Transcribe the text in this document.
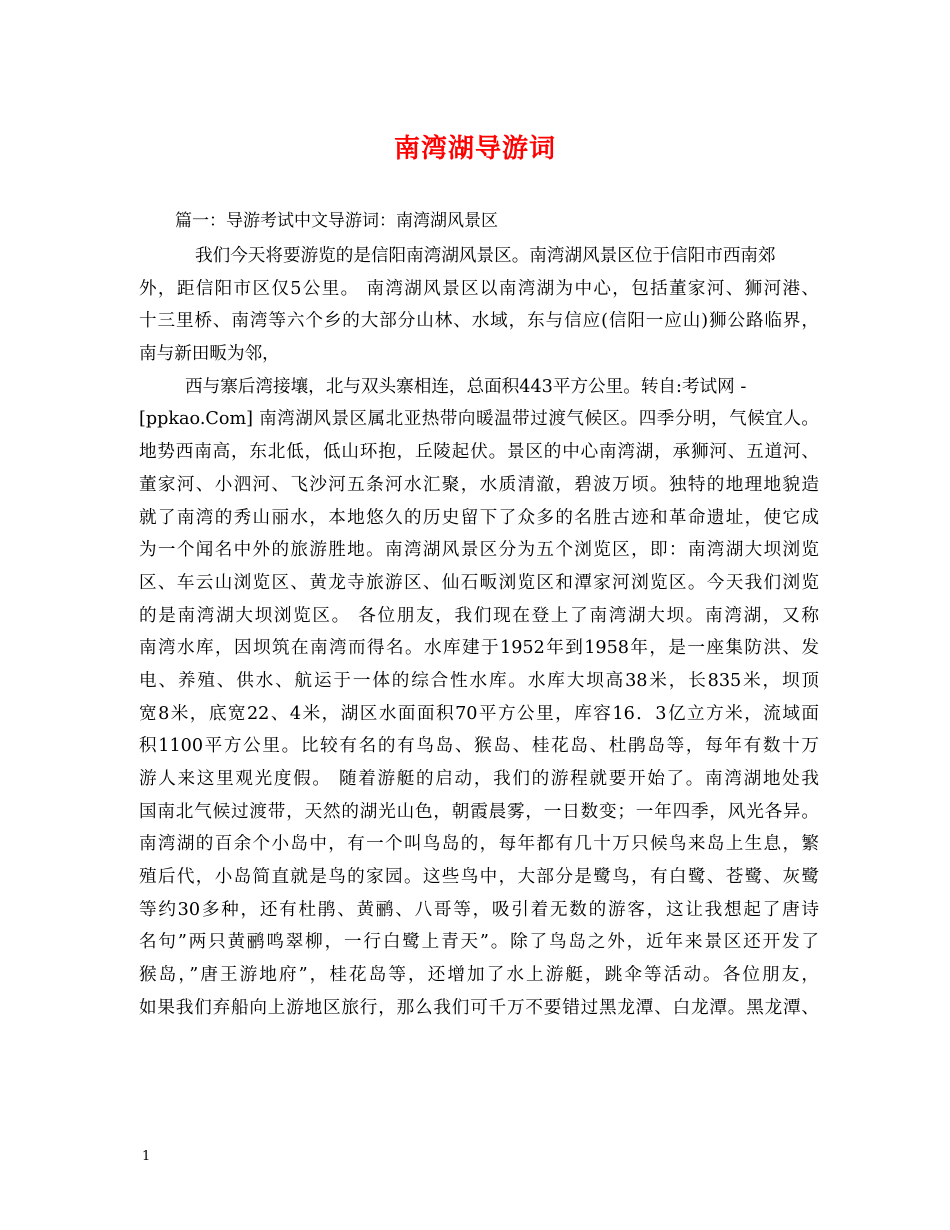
南湾湖导游词
篇一：导游考试中文导游词：南湾湖风景区
我们今天将要游览的是信阳南湾湖风景区。南湾湖风景区位于信阳市西南郊
外，距信阳市区仅5公里。 南湾湖风景区以南湾湖为中心，包括董家河、狮河港、
十三里桥、南湾等六个乡的大部分山林、水域，东与信应(信阳一应山)狮公路临界，
南与新田畈为邻，
西与寨后湾接壤，北与双头寨相连，总面积443平方公里。转自:考试网 -
[ppkao.Com] 南湾湖风景区属北亚热带向暖温带过渡气候区。四季分明，气候宜人。
地势西南高，东北低，低山环抱，丘陵起伏。景区的中心南湾湖，承狮河、五道河、
董家河、小泗河、飞沙河五条河水汇聚，水质清澈，碧波万顷。独特的地理地貌造
就了南湾的秀山丽水，本地悠久的历史留下了众多的名胜古迹和革命遗址，使它成
为一个闻名中外的旅游胜地。南湾湖风景区分为五个浏览区，即：南湾湖大坝浏览
区、车云山浏览区、黄龙寺旅游区、仙石畈浏览区和潭家河浏览区。今天我们浏览
的是南湾湖大坝浏览区。 各位朋友，我们现在登上了南湾湖大坝。南湾湖，又称
南湾水库，因坝筑在南湾而得名。水库建于1952年到1958年，是一座集防洪、发
电、养殖、供水、航运于一体的综合性水库。水库大坝高38米，长835米，坝顶
宽8米，底宽22、4米，湖区水面面积70平方公里，库容16．3亿立方米，流域面
积1100平方公里。比较有名的有鸟岛、猴岛、桂花岛、杜鹃岛等，每年有数十万
游人来这里观光度假。 随着游艇的启动，我们的游程就要开始了。南湾湖地处我
国南北气候过渡带，天然的湖光山色，朝霞晨雾，一日数变；一年四季，风光各异。
南湾湖的百余个小岛中，有一个叫鸟岛的，每年都有几十万只候鸟来岛上生息，繁
殖后代，小岛简直就是鸟的家园。这些鸟中，大部分是鹭鸟，有白鹭、苍鹭、灰鹭
等约30多种，还有杜鹃、黄鹂、八哥等，吸引着无数的游客，这让我想起了唐诗
名句”两只黄鹂鸣翠柳，一行白鹭上青天”。除了鸟岛之外，近年来景区还开发了
猴岛，”唐王游地府”，桂花岛等，还增加了水上游艇，跳伞等活动。各位朋友，
如果我们弃船向上游地区旅行，那么我们可千万不要错过黑龙潭、白龙潭。黑龙潭、
1
